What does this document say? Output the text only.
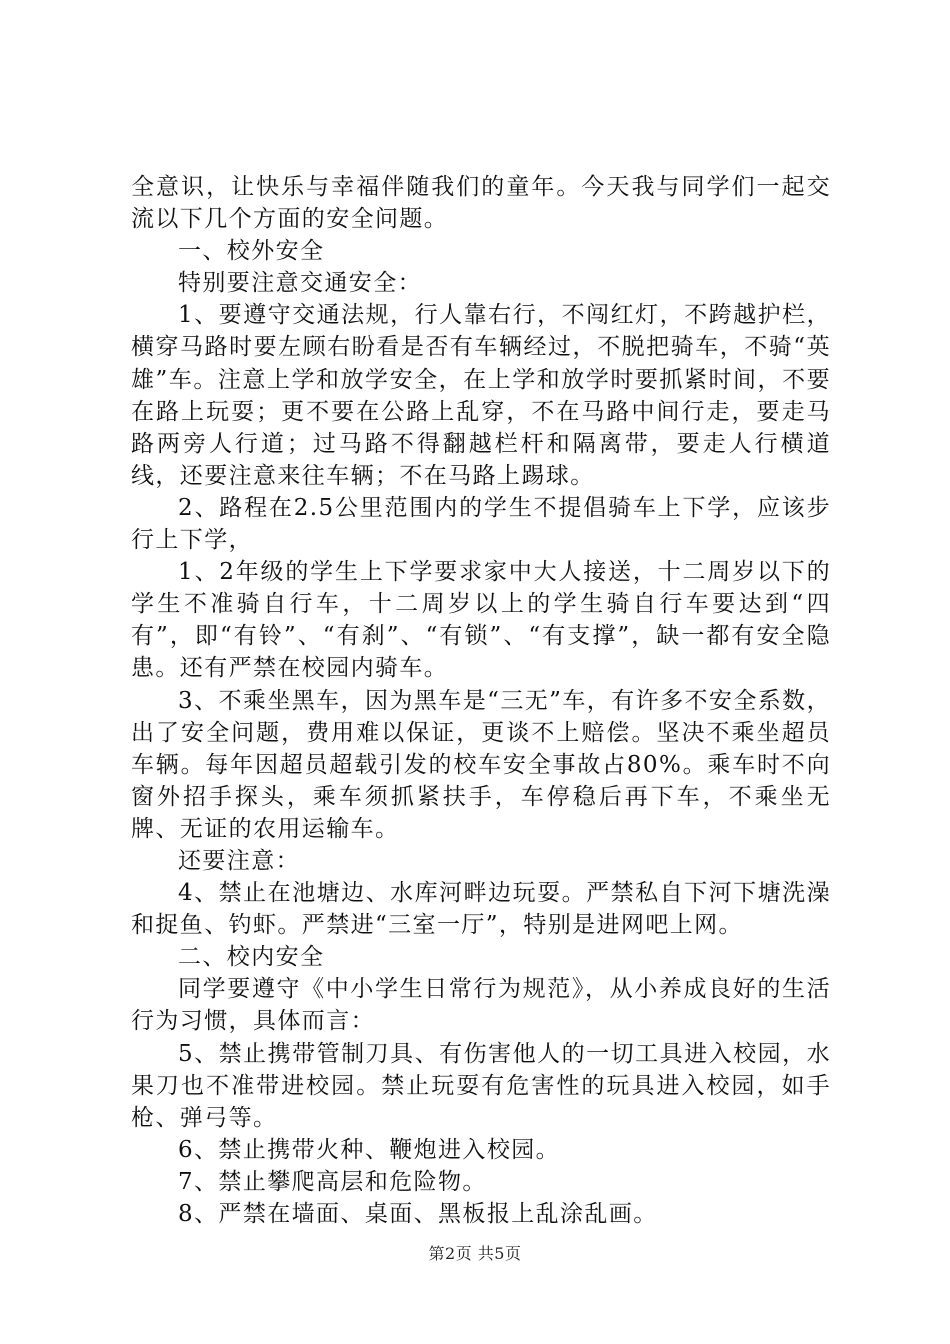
全意识，让快乐与幸福伴随我们的童年。今天我与同学们一起交流以下几个方面的安全问题。

一、校外安全

特别要注意交通安全：

1、要遵守交通法规，行人靠右行，不闯红灯，不跨越护栏，横穿马路时要左顾右盼看是否有车辆经过，不脱把骑车，不骑“英雄”车。注意上学和放学安全，在上学和放学时要抓紧时间，不要在路上玩耍；更不要在公路上乱穿，不在马路中间行走，要走马路两旁人行道；过马路不得翻越栏杆和隔离带，要走人行横道线，还要注意来往车辆；不在马路上踢球。

2、路程在2.5公里范围内的学生不提倡骑车上下学，应该步行上下学，

1、2年级的学生上下学要求家中大人接送，十二周岁以下的学生不准骑自行车，十二周岁以上的学生骑自行车要达到“四有”，即“有铃”、“有刹”、“有锁”、“有支撑”，缺一都有安全隐患。还有严禁在校园内骑车。

3、不乘坐黑车，因为黑车是“三无”车，有许多不安全系数，出了安全问题，费用难以保证，更谈不上赔偿。坚决不乘坐超员车辆。每年因超员超载引发的校车安全事故占80%。乘车时不向窗外招手探头，乘车须抓紧扶手，车停稳后再下车，不乘坐无牌、无证的农用运输车。

还要注意：

4、禁止在池塘边、水库河畔边玩耍。严禁私自下河下塘洗澡和捉鱼、钓虾。严禁进“三室一厅”，特别是进网吧上网。

二、校内安全

同学要遵守《中小学生日常行为规范》，从小养成良好的生活行为习惯，具体而言：

5、禁止携带管制刀具、有伤害他人的一切工具进入校园，水果刀也不准带进校园。禁止玩耍有危害性的玩具进入校园，如手枪、弹弓等。

6、禁止携带火种、鞭炮进入校园。

7、禁止攀爬高层和危险物。

8、严禁在墙面、桌面、黑板报上乱涂乱画。

第2页 共5页
